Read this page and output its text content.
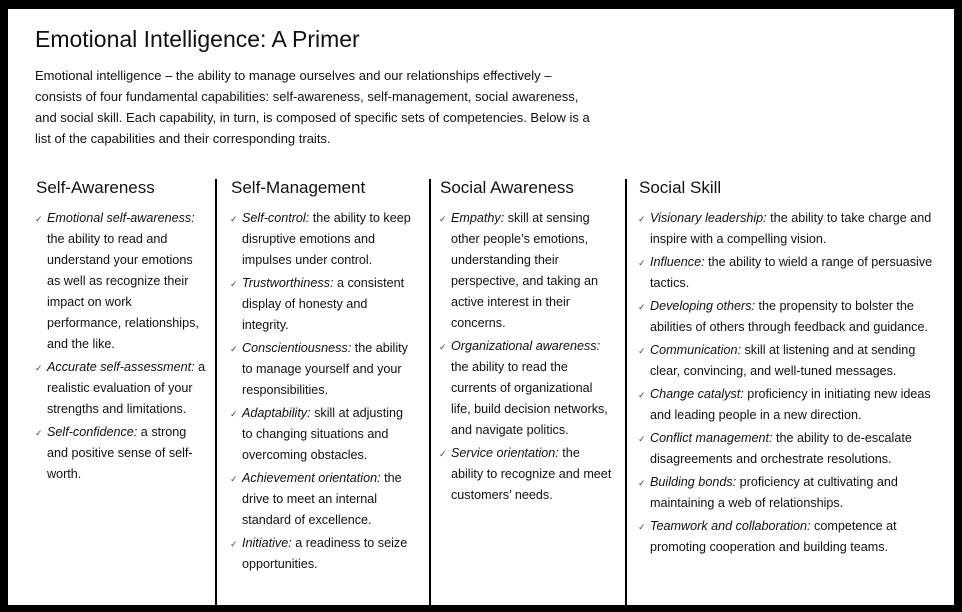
Emotional Intelligence: A Primer

Emotional intelligence – the ability to manage ourselves and our relationships effectively – consists of four fundamental capabilities: self-awareness, self-management, social awareness, and social skill. Each capability, in turn, is composed of specific sets of competencies. Below is a list of the capabilities and their corresponding traits.

Self-Awareness
✓ Emotional self-awareness: the ability to read and understand your emotions as well as recognize their impact on work performance, relationships, and the like.
✓ Accurate self-assessment: a realistic evaluation of your strengths and limitations.
✓ Self-confidence: a strong and positive sense of self-worth.
Self-Management
✓ Self-control: the ability to keep disruptive emotions and impulses under control.
✓ Trustworthiness: a consistent display of honesty and integrity.
✓ Conscientiousness: the ability to manage yourself and your responsibilities.
✓ Adaptability: skill at adjusting to changing situations and overcoming obstacles.
✓ Achievement orientation: the drive to meet an internal standard of excellence.
✓ Initiative: a readiness to seize opportunities.
Social Awareness
✓ Empathy: skill at sensing other people’s emotions, understanding their perspective, and taking an active interest in their concerns.
✓ Organizational awareness: the ability to read the currents of organizational life, build decision networks, and navigate politics.
✓ Service orientation: the ability to recognize and meet customers’ needs.
Social Skill
✓ Visionary leadership: the ability to take charge and inspire with a compelling vision.
✓ Influence: the ability to wield a range of persuasive tactics.
✓ Developing others: the propensity to bolster the abilities of others through feedback and guidance.
✓ Communication: skill at listening and at sending clear, convincing, and well-tuned messages.
✓ Change catalyst: proficiency in initiating new ideas and leading people in a new direction.
✓ Conflict management: the ability to de-escalate disagreements and orchestrate resolutions.
✓ Building bonds: proficiency at cultivating and maintaining a web of relationships.
✓ Teamwork and collaboration: competence at promoting cooperation and building teams.
